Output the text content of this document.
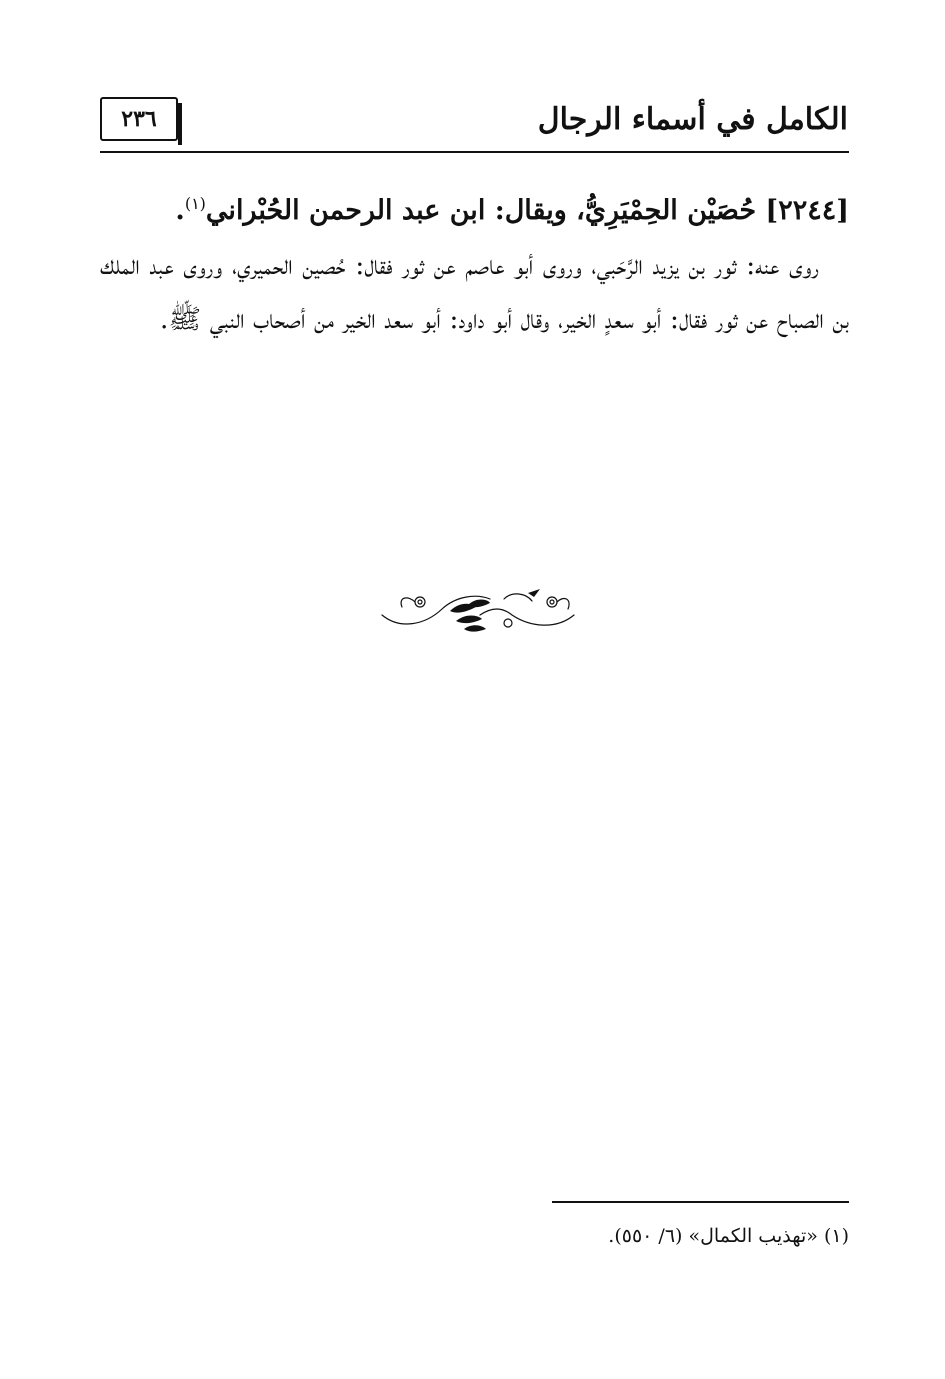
٢٣٦	الكامل في أسماء الرجال

[٢٢٤٤] حُصَيْن الحِمْيَرِيُّ، ويقال: ابن عبد الرحمن الحُبْراني$^{(١)}$.

روى عنه: ثور بن يزيد الرَّحَبي، وروى أبو عاصم عن ثور فقال: حُصين الحميري، وروى عبد الملك بن الصباح عن ثور فقال: أبو سعدٍ الخير، وقال أبو داود: أبو سعد الخير من أصحاب النبي ﷺ.

(١) «تهذيب الكمال» (٦/ ٥٥٠).
